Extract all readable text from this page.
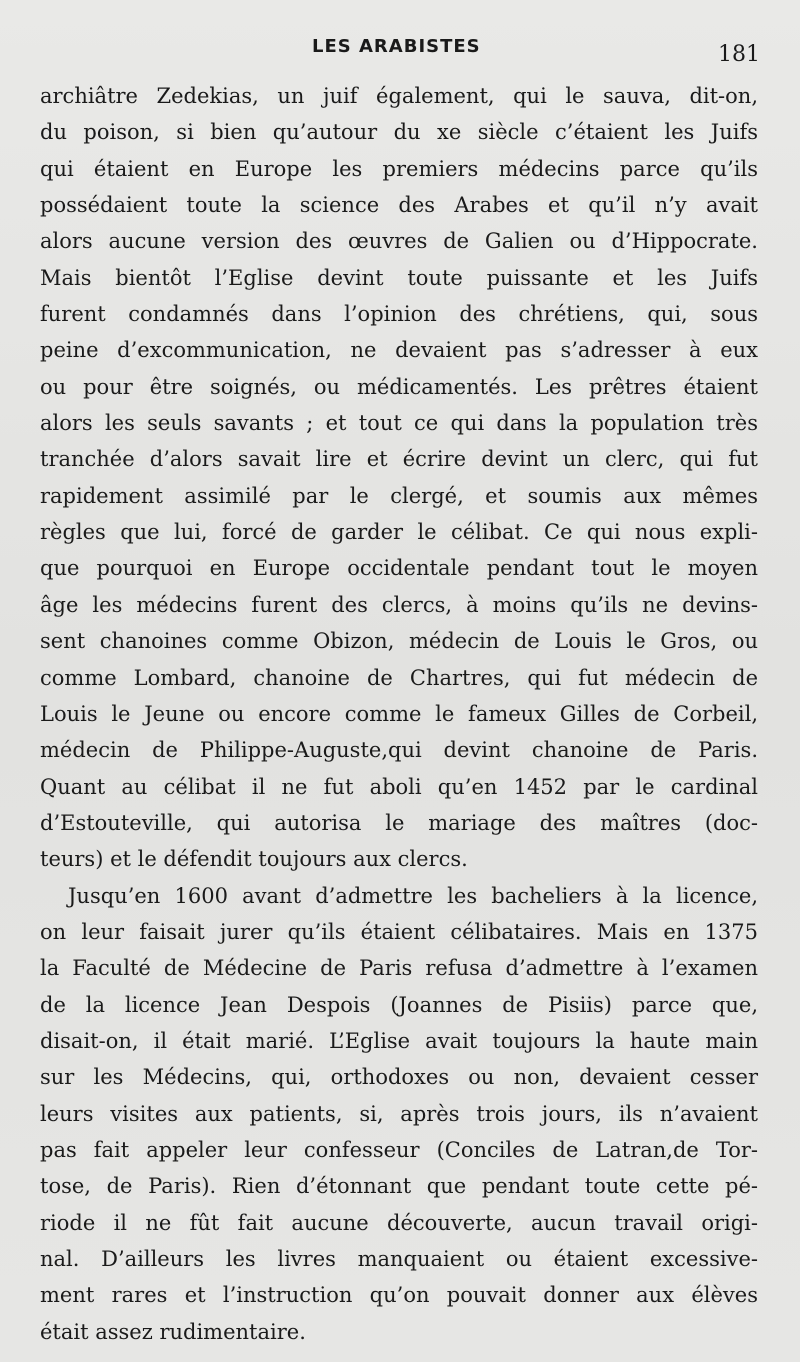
LES ARABISTES	181
archiâtre Zedekias, un juif également, qui le sauva, dit-on,
du poison, si bien qu’autour du xe siècle c’étaient les Juifs
qui étaient en Europe les premiers médecins parce qu’ils
possédaient toute la science des Arabes et qu’il n’y avait
alors aucune version des œuvres de Galien ou d’Hippocrate.
Mais bientôt l’Eglise devint toute puissante et les Juifs
furent condamnés dans l’opinion des chrétiens, qui, sous
peine d’excommunication, ne devaient pas s’adresser à eux
ou pour être soignés, ou médicamentés. Les prêtres étaient
alors les seuls savants ; et tout ce qui dans la population très
tranchée d’alors savait lire et écrire devint un clerc, qui fut
rapidement assimilé par le clergé, et soumis aux mêmes
règles que lui, forcé de garder le célibat. Ce qui nous expli-
que pourquoi en Europe occidentale pendant tout le moyen
âge les médecins furent des clercs, à moins qu’ils ne devins-
sent chanoines comme Obizon, médecin de Louis le Gros, ou
comme Lombard, chanoine de Chartres, qui fut médecin de
Louis le Jeune ou encore comme le fameux Gilles de Corbeil,
médecin de Philippe-Auguste,qui devint chanoine de Paris.
Quant au célibat il ne fut aboli qu’en 1452 par le cardinal
d’Estouteville, qui autorisa le mariage des maîtres (doc-
teurs) et le défendit toujours aux clercs.
Jusqu’en 1600 avant d’admettre les bacheliers à la licence,
on leur faisait jurer qu’ils étaient célibataires. Mais en 1375
la Faculté de Médecine de Paris refusa d’admettre à l’examen
de la licence Jean Despois (Joannes de Pisiis) parce que,
disait-on, il était marié. L’Eglise avait toujours la haute main
sur les Médecins, qui, orthodoxes ou non, devaient cesser
leurs visites aux patients, si, après trois jours, ils n’avaient
pas fait appeler leur confesseur (Conciles de Latran,de Tor-
tose, de Paris). Rien d’étonnant que pendant toute cette pé-
riode il ne fût fait aucune découverte, aucun travail origi-
nal. D’ailleurs les livres manquaient ou étaient excessive-
ment rares et l’instruction qu’on pouvait donner aux élèves
était assez rudimentaire.
